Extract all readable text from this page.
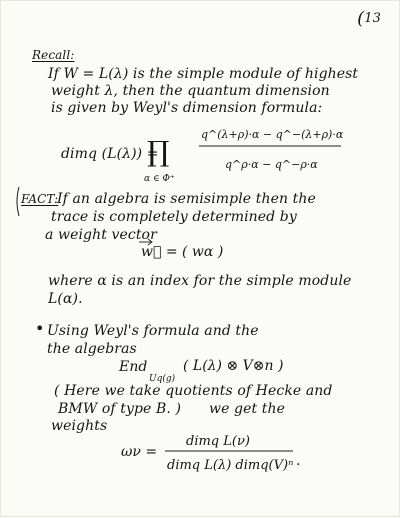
(13
Recall:
If W = L(λ) is the simple module of highest
weight λ, then the quantum dimension
is given by Weyl's dimension formula:
dimq (L(λ)) =
∏
α ∈ Φ⁺
q^(λ+ρ)·α − q^−(λ+ρ)·α
q^ρ·α − q^−ρ·α
FACT:
If an algebra is semisimple then the
trace is completely determined by
a weight vector
w⃗ = ( wα )
where α is an index for the simple module
L(α).
• Using Weyl's formula and the
the algebras
End
Uq(g)
( L(λ) ⊗ V⊗n )
( Here we take quotients of Hecke and
BMW of type B. ) we get the
weights
ων =
dimq L(ν)
dimq L(λ) dimq(V)ⁿ .
